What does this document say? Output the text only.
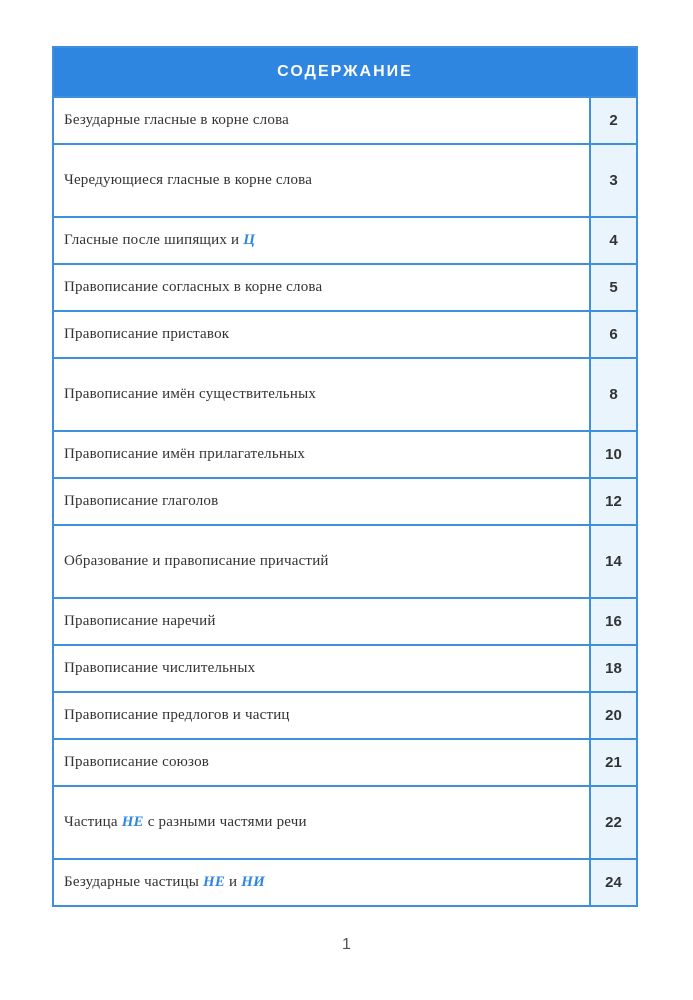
СОДЕРЖАНИЕ
Безударные гласные в корне слова	2
Чередующиеся гласные в корне слова	3
Гласные после шипящих и Ц	4
Правописание согласных в корне слова	5
Правописание приставок	6
Правописание имён существительных	8
Правописание имён прилагательных	10
Правописание глаголов	12
Образование и правописание причастий	14
Правописание наречий	16
Правописание числительных	18
Правописание предлогов и частиц	20
Правописание союзов	21
Частица НЕ с разными частями речи	22
Безударные частицы НЕ и НИ	24
1
